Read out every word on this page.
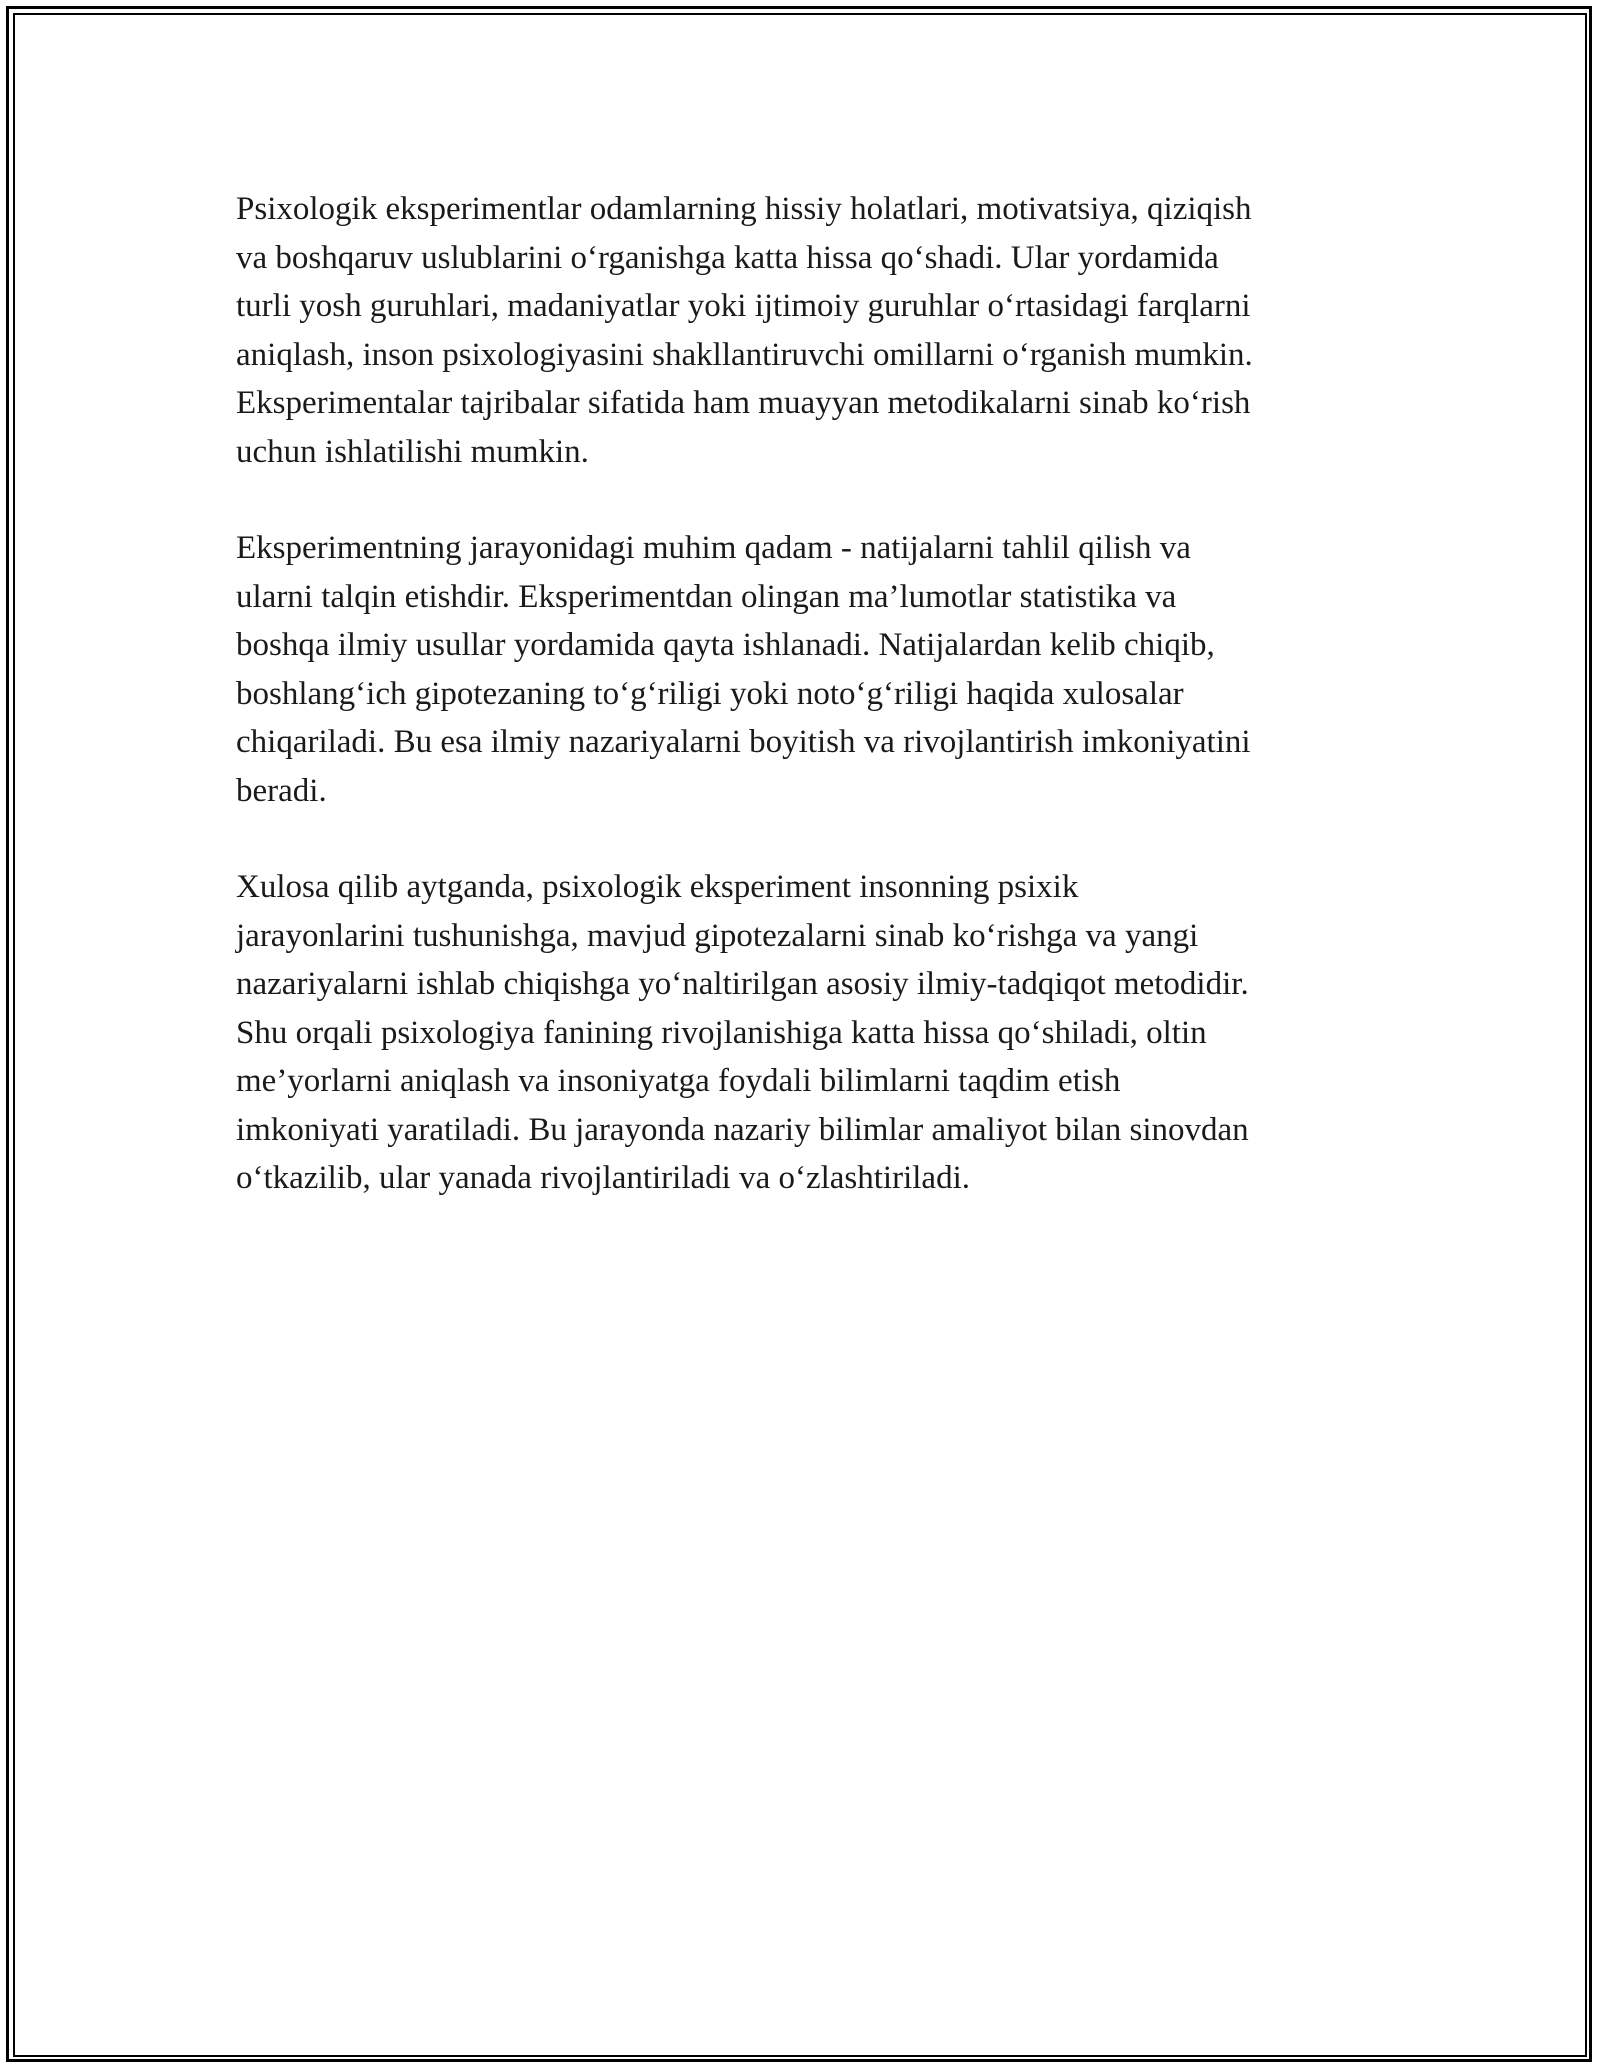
Psixologik eksperimentlar odamlarning hissiy holatlari, motivatsiya, qiziqish
va boshqaruv uslublarini o‘rganishga katta hissa qo‘shadi. Ular yordamida
turli yosh guruhlari, madaniyatlar yoki ijtimoiy guruhlar o‘rtasidagi farqlarni
aniqlash, inson psixologiyasini shakllantiruvchi omillarni o‘rganish mumkin.
Eksperimentalar tajribalar sifatida ham muayyan metodikalarni sinab ko‘rish
uchun ishlatilishi mumkin.

Eksperimentning jarayonidagi muhim qadam - natijalarni tahlil qilish va
ularni talqin etishdir. Eksperimentdan olingan ma’lumotlar statistika va
boshqa ilmiy usullar yordamida qayta ishlanadi. Natijalardan kelib chiqib,
boshlang‘ich gipotezaning to‘g‘riligi yoki noto‘g‘riligi haqida xulosalar
chiqariladi. Bu esa ilmiy nazariyalarni boyitish va rivojlantirish imkoniyatini
beradi.

Xulosa qilib aytganda, psixologik eksperiment insonning psixik
jarayonlarini tushunishga, mavjud gipotezalarni sinab ko‘rishga va yangi
nazariyalarni ishlab chiqishga yo‘naltirilgan asosiy ilmiy-tadqiqot metodidir.
Shu orqali psixologiya fanining rivojlanishiga katta hissa qo‘shiladi, oltin
me’yorlarni aniqlash va insoniyatga foydali bilimlarni taqdim etish
imkoniyati yaratiladi. Bu jarayonda nazariy bilimlar amaliyot bilan sinovdan
o‘tkazilib, ular yanada rivojlantiriladi va o‘zlashtiriladi.
